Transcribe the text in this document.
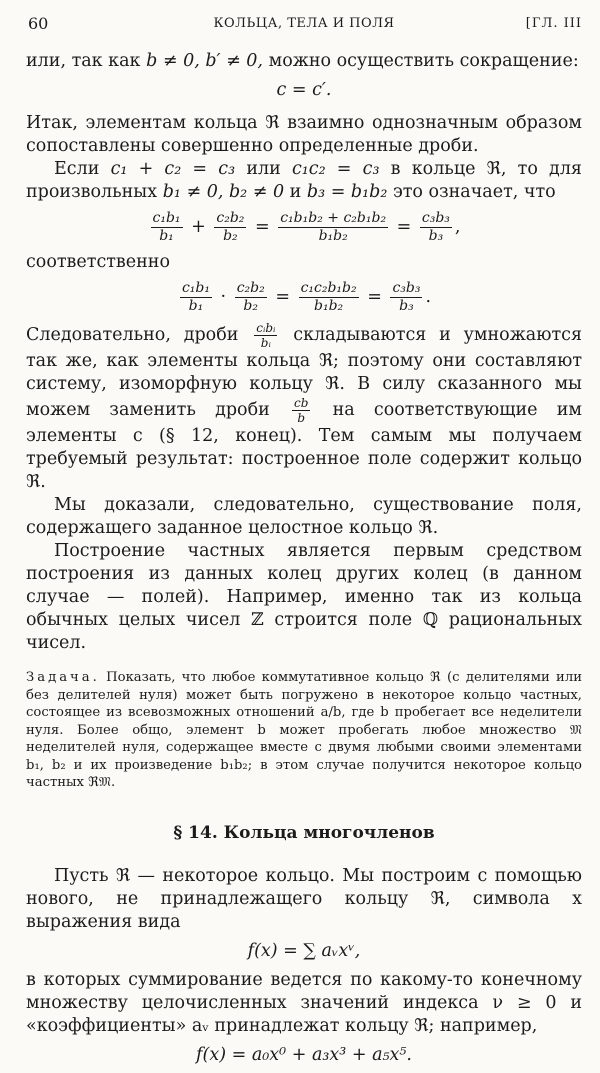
60	КОЛЬЦА, ТЕЛА И ПОЛЯ	[ГЛ. III

или, так как b ≠ 0, b′ ≠ 0, можно осуществить сокращение:

c = c′.

Итак, элементам кольца ℜ взаимно однозначным образом сопоставлены совершенно определенные дроби.

Если c₁ + c₂ = c₃ или c₁c₂ = c₃ в кольце ℜ, то для произвольных b₁ ≠ 0, b₂ ≠ 0 и b₃ = b₁b₂ это означает, что

$\frac{\text{c₁b₁}}{\text{b₁}} + \frac{\text{c₂b₂}}{\text{b₂}} = \frac{\text{c₁b₁b₂ + c₂b₁b₂}}{\text{b₁b₂}} = \frac{\text{c₃b₃}}{\text{b₃}}$ ,

соответственно

$\frac{\text{c₁b₁}}{\text{b₁}} \cdot \frac{\text{c₂b₂}}{\text{b₂}} = \frac{\text{c₁c₂b₁b₂}}{\text{b₁b₂}} = \frac{\text{c₃b₃}}{\text{b₃}}$ .

Следовательно, дроби $\frac{\text{cᵢbᵢ}}{\text{bᵢ}}$ складываются и умножаются так же, как элементы кольца ℜ; поэтому они составляют систему, изоморфную кольцу ℜ. В силу сказанного мы можем заменить дроби $\frac{cb}{b}$ на соответствующие им элементы c (§ 12, конец). Тем самым мы получаем требуемый результат: построенное поле содержит кольцо ℜ.

Мы доказали, следовательно, существование поля, содержащего заданное целостное кольцо ℜ.

Построение частных является первым средством построения из данных колец других колец (в данном случае — полей). Например, именно так из кольца обычных целых чисел ℤ строится поле ℚ рациональных чисел.

Задача. Показать, что любое коммутативное кольцо ℜ (с делителями или без делителей нуля) может быть погружено в некоторое кольцо частных, состоящее из всевозможных отношений a/b, где b пробегает все неделители нуля. Более общо, элемент b может пробегать любое множество 𝔐 неделителей нуля, содержащее вместе с двумя любыми своими элементами b₁, b₂ и их произведение b₁b₂; в этом случае получится некоторое кольцо частных ℜ𝔐.

§ 14. Кольца многочленов

Пусть ℜ — некоторое кольцо. Мы построим с помощью нового, не принадлежащего кольцу ℜ, символа x выражения вида

f(x) = ∑ aᵥxᵛ,

в которых суммирование ведется по какому-то конечному множеству целочисленных значений индекса ν ≥ 0 и «коэффициенты» aᵥ принадлежат кольцу ℜ; например,

f(x) = a₀x⁰ + a₃x³ + a₅x⁵.
